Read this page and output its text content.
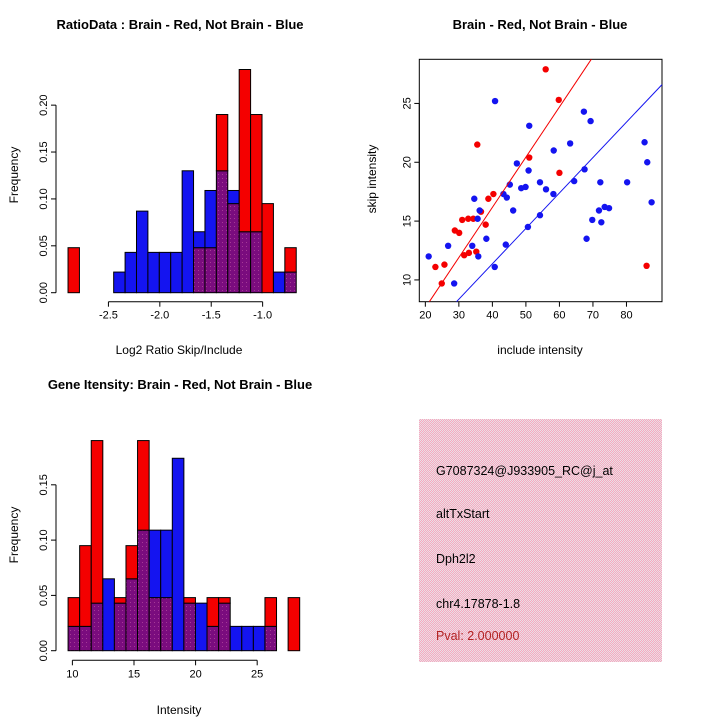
0.00
0.05
0.10
0.15
0.20
-2.5	-2.0	-1.5	-1.0
RatioData : Brain - Red, Not Brain - Blue
Log2 Ratio Skip/Include
Frequency
10
15
20
25
20 30 40 50 60 70 80
Brain - Red, Not Brain - Blue
include intensity
skip intensity
0.00
0.05
0.10
0.15
10	15	20	25
Gene Itensity: Brain - Red, Not Brain - Blue
Intensity
Frequency
G7087324@J933905_RC@j_at
altTxStart
Dph2l2
chr4.17878-1.8
Pval: 2.000000
